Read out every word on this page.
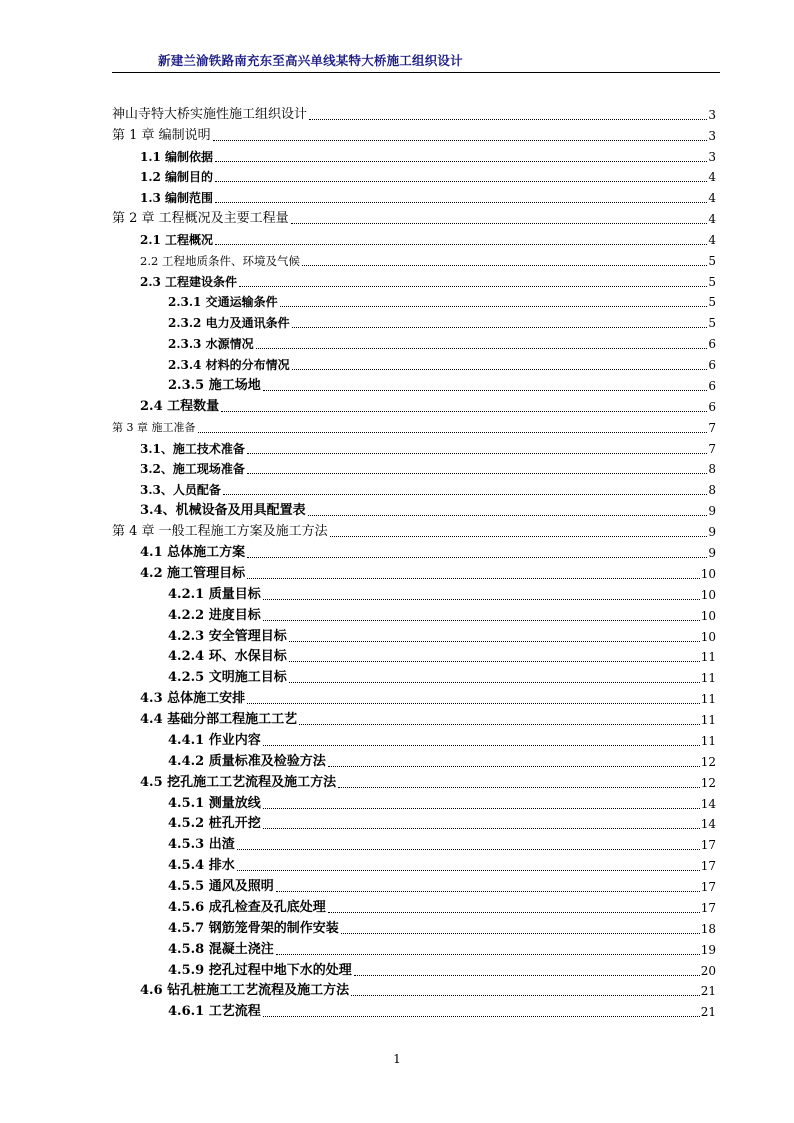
新建兰渝铁路南充东至高兴单线某特大桥施工组织设计
神山寺特大桥实施性施工组织设计	3
第 1 章 编制说明	3
1.1 编制依据	3
1.2 编制目的	4
1.3 编制范围	4
第 2 章 工程概况及主要工程量	4
2.1 工程概况	4
2.2 工程地质条件、环境及气候	5
2.3 工程建设条件	5
2.3.1 交通运输条件	5
2.3.2 电力及通讯条件	5
2.3.3 水源情况	6
2.3.4 材料的分布情况	6
2.3.5 施工场地	6
2.4 工程数量	6
第 3 章 施工准备	7
3.1、施工技术准备	7
3.2、施工现场准备	8
3.3、人员配备	8
3.4、机械设备及用具配置表	9
第 4 章 一般工程施工方案及施工方法	9
4.1 总体施工方案	9
4.2 施工管理目标	10
4.2.1 质量目标	10
4.2.2 进度目标	10
4.2.3 安全管理目标	10
4.2.4 环、水保目标	11
4.2.5 文明施工目标	11
4.3 总体施工安排	11
4.4 基础分部工程施工工艺	11
4.4.1 作业内容	11
4.4.2 质量标准及检验方法	12
4.5 挖孔施工工艺流程及施工方法	12
4.5.1 测量放线	14
4.5.2 桩孔开挖	14
4.5.3 出渣	17
4.5.4 排水	17
4.5.5 通风及照明	17
4.5.6 成孔检查及孔底处理	17
4.5.7 钢筋笼骨架的制作安装	18
4.5.8 混凝土浇注	19
4.5.9 挖孔过程中地下水的处理	20
4.6 钻孔桩施工工艺流程及施工方法	21
4.6.1 工艺流程	21
1
